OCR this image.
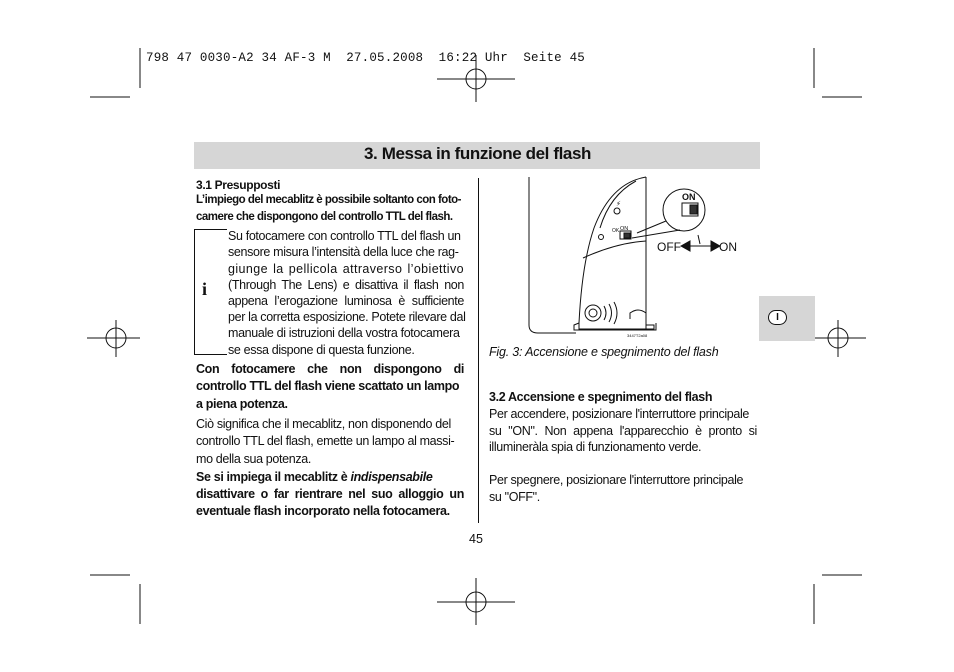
798 47 0030-A2 34 AF-3 M  27.05.2008  16:22 Uhr  Seite 45
3. Messa in funzione del flash
I
3.1 Presupposti
L’impiego del mecablitz è possibile soltanto con foto-
camere che dispongono del controllo TTL del flash.
i
Su fotocamere con controllo TTL del flash un
sensore misura l’intensità della luce che rag-
giunge la pellicola attraverso l’obiettivo
(Through The Lens) e disattiva il flash non
appena l’erogazione luminosa è sufficiente
per la corretta esposizione. Potete rilevare dal
manuale di istruzioni della vostra fotocamera
se essa dispone di questa funzione.
Con fotocamere che non dispongono di
controllo TTL del flash viene scattato un lampo
a piena potenza.
Ciò significa che il mecablitz, non disponendo del
controllo TTL del flash, emette un lampo al massi-
mo della sua potenza.
Se si impiega il mecablitz è indispensabile
disattivare o far rientrare nel suo alloggio un
eventuale flash incorporato nella fotocamera.
⚡
ON
ON
OK
OFF	ON
3447T2a08
Fig. 3: Accensione e spegnimento del flash
3.2 Accensione e spegnimento del flash
Per accendere, posizionare l'interruttore principale
su "ON". Non appena l'apparecchio è pronto si
illumineràla spia di funzionamento verde.
Per spegnere, posizionare l'interruttore principale
su "OFF".
45
